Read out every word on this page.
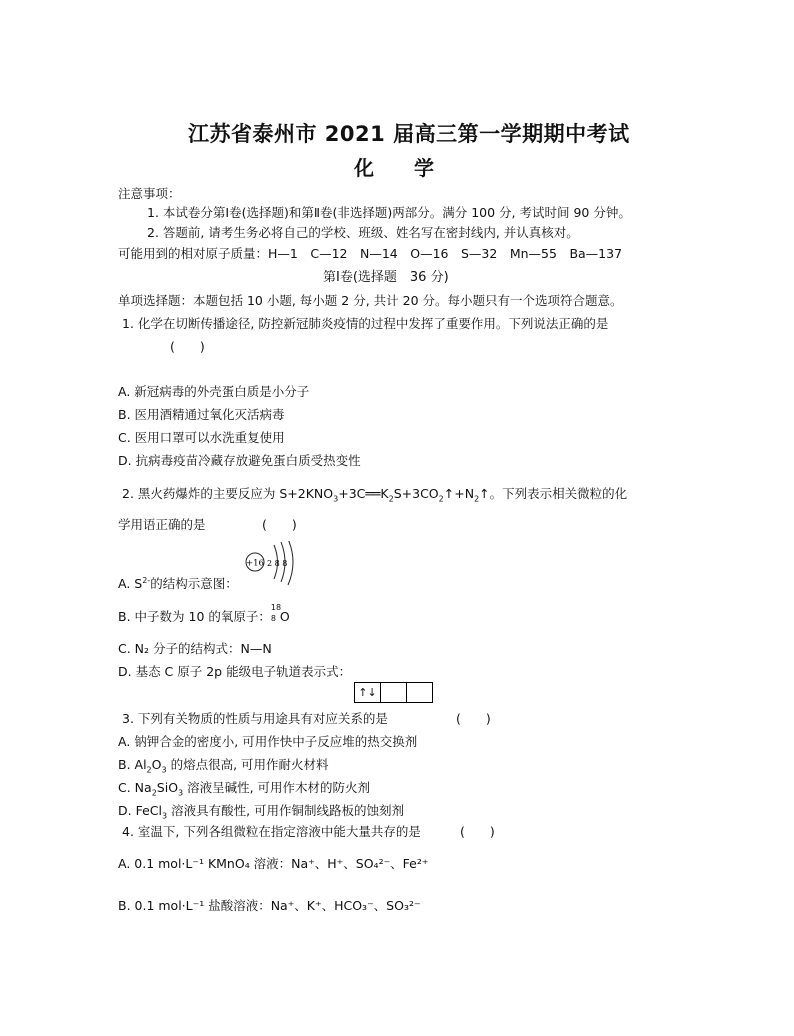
江苏省泰州市 2021 届高三第一学期期中考试
化　　学
注意事项：
1. 本试卷分第Ⅰ卷(选择题)和第Ⅱ卷(非选择题)两部分。满分 100 分, 考试时间 90 分钟。
2. 答题前, 请考生务必将自己的学校、班级、姓名写在密封线内, 并认真核对。
可能用到的相对原子质量：H—1　C—12　N—14　O—16　S—32　Mn—55　Ba—137
第Ⅰ卷(选择题　36 分)
单项选择题：本题包括 10 小题, 每小题 2 分, 共计 20 分。每小题只有一个选项符合题意。
1. 化学在切断传播途径, 防控新冠肺炎疫情的过程中发挥了重要作用。下列说法正确的是
(　　)
A. 新冠病毒的外壳蛋白质是小分子
B. 医用酒精通过氧化灭活病毒
C. 医用口罩可以水洗重复使用
D. 抗病毒疫苗冷藏存放避免蛋白质受热变性
2. 黑火药爆炸的主要反应为 $S+2KNO_3+3C══K_2S+3CO_2↑+N_2↑$。下列表示相关微粒的化
学用语正确的是	(　　)
+16 2 8 8
A. $S^{2-}$的结构示意图：
B. 中子数为 10 的氧原子：
18
8 O
C. N₂ 分子的结构式：N—N
D. 基态 C 原子 2p 能级电子轨道表示式：
↑↓
3. 下列有关物质的性质与用途具有对应关系的是	(　　)
A. 钠钾合金的密度小, 可用作快中子反应堆的热交换剂
B. $Al_2O_3$ 的熔点很高, 可用作耐火材料
C. $Na_2SiO_3$ 溶液呈碱性, 可用作木材的防火剂
D. FeCl$_3$ 溶液具有酸性, 可用作铜制线路板的蚀刻剂
4. 室温下, 下列各组微粒在指定溶液中能大量共存的是	(　　)
A. 0.1 mol·L⁻¹ KMnO₄ 溶液：Na⁺、H⁺、SO₄²⁻、Fe²⁺
B. 0.1 mol·L⁻¹ 盐酸溶液：Na⁺、K⁺、HCO₃⁻、SO₃²⁻
